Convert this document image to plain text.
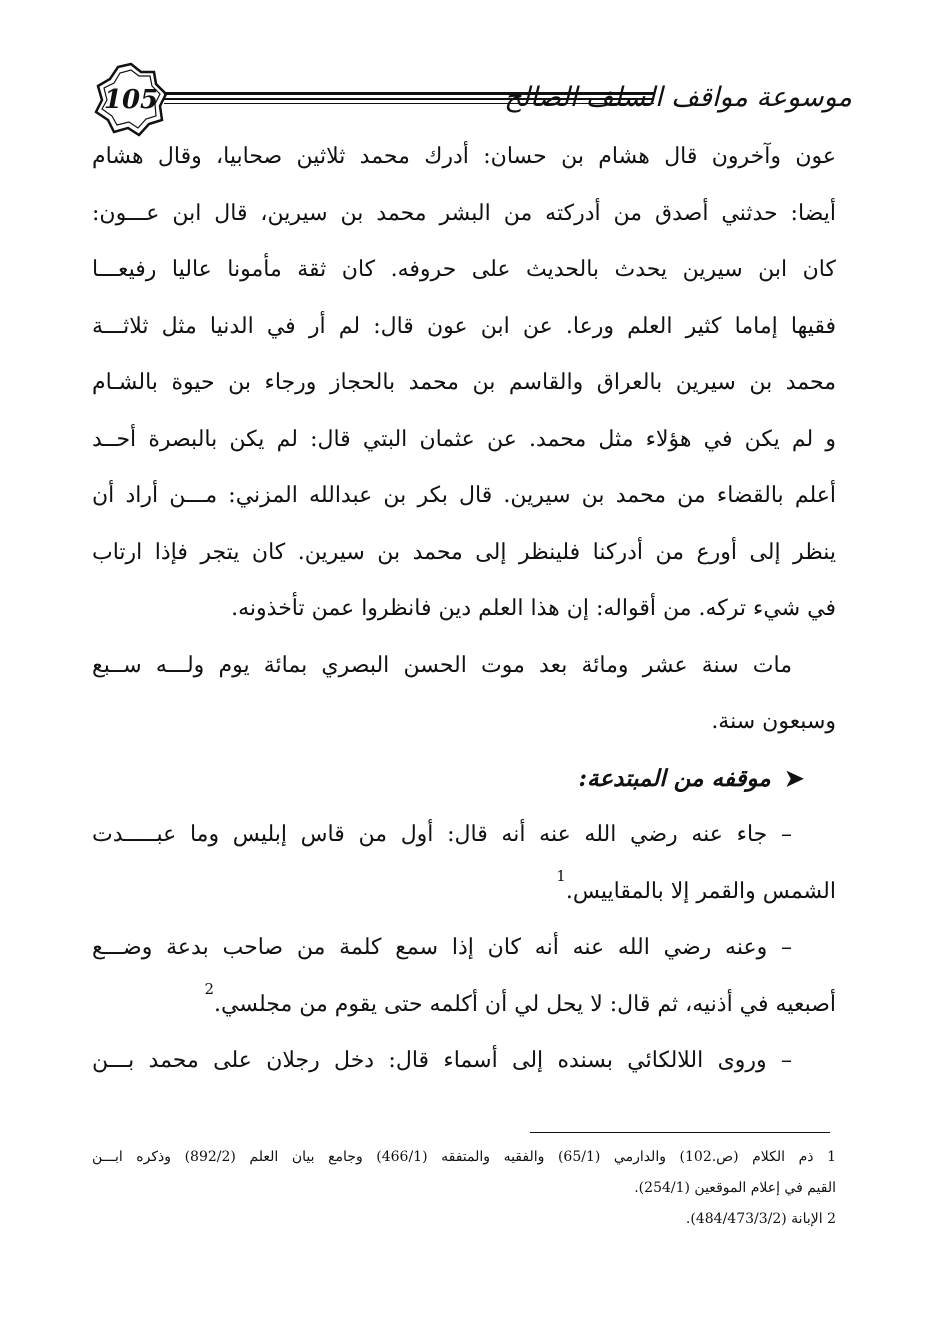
105	موسوعة مواقف السلف الصالح
عون وآخرون قال هشام بن حسان: أدرك محمد ثلاثين صحابيا، وقال هشام
أيضا: حدثني أصدق من أدركته من البشر محمد بن سيرين، قال ابن عـــون:
كان ابن سيرين يحدث بالحديث على حروفه. كان ثقة مأمونا عاليا رفيعـــا
فقيها إماما كثير العلم ورعا. عن ابن عون قال: لم أر في الدنيا مثل ثلاثـــة
محمد بن سيرين بالعراق والقاسم بن محمد بالحجاز ورجاء بن حيوة بالشـام
و لم يكن في هؤلاء مثل محمد. عن عثمان البتي قال: لم يكن بالبصرة أحــد
أعلم بالقضاء من محمد بن سيرين. قال بكر بن عبدالله المزني: مـــن أراد أن
ينظر إلى أورع من أدركنا فلينظر إلى محمد بن سيرين. كان يتجر فإذا ارتاب
في شيء تركه. من أقواله: إن هذا العلم دين فانظروا عمن تأخذونه.
مات سنة عشر ومائة بعد موت الحسن البصري بمائة يوم ولـــه ســبع
وسبعون سنة.
➤موقفه من المبتدعة:
– جاء عنه رضي الله عنه أنه قال: أول من قاس إبليس وما عبـــــدت
الشمس والقمر إلا بالمقاييس.$^1$
– وعنه رضي الله عنه أنه كان إذا سمع كلمة من صاحب بدعة وضـــع
أصبعيه في أذنيه، ثم قال: لا يحل لي أن أكلمه حتى يقوم من مجلسي.$^2$
– وروى اللالكائي بسنده إلى أسماء قال: دخل رجلان على محمد بـــن
1 ذم الكلام (ص.102) والدارمي (65/1) والفقيه والمتفقه (466/1) وجامع بيان العلم (892/2) وذكره ابـــن
القيم في إعلام الموقعين (254/1).
2 الإبانة (484/473/3/2).
